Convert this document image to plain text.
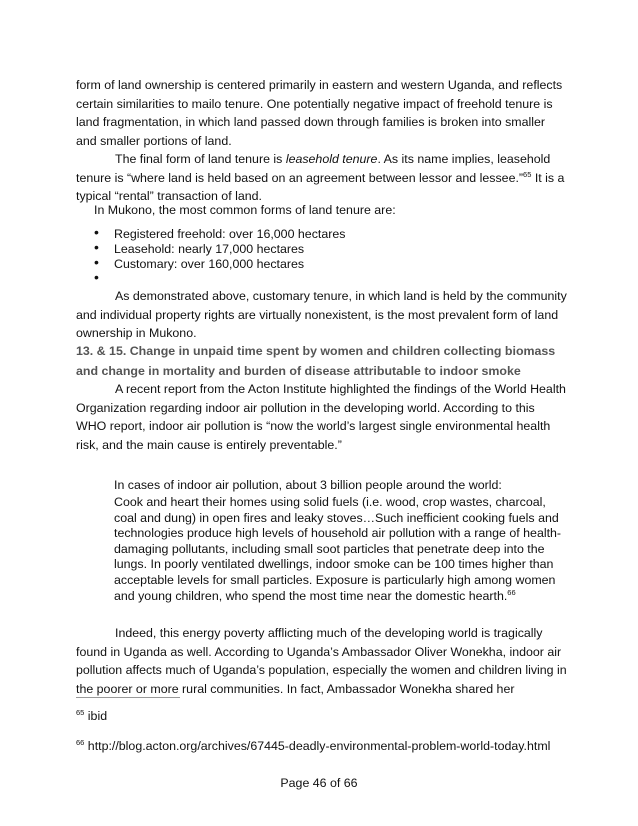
form of land ownership is centered primarily in eastern and western Uganda, and reflects certain similarities to mailo tenure. One potentially negative impact of freehold tenure is land fragmentation, in which land passed down through families is broken into smaller and smaller portions of land.

The final form of land tenure is leasehold tenure. As its name implies, leasehold tenure is “where land is held based on an agreement between lessor and lessee.”$^{65}$ It is a typical “rental” transaction of land.

In Mukono, the most common forms of land tenure are:

• Registered freehold: over 16,000 hectares
• Leasehold: nearly 17,000 hectares
• Customary: over 160,000 hectares
•

As demonstrated above, customary tenure, in which land is held by the community and individual property rights are virtually nonexistent, is the most prevalent form of land ownership in Mukono.

13. & 15. Change in unpaid time spent by women and children collecting biomass and change in mortality and burden of disease attributable to indoor smoke

A recent report from the Acton Institute highlighted the findings of the World Health Organization regarding indoor air pollution in the developing world. According to this WHO report, indoor air pollution is “now the world’s largest single environmental health risk, and the main cause is entirely preventable.”

In cases of indoor air pollution, about 3 billion people around the world:

Cook and heart their homes using solid fuels (i.e. wood, crop wastes, charcoal, coal and dung) in open fires and leaky stoves…Such inefficient cooking fuels and technologies produce high levels of household air pollution with a range of health-damaging pollutants, including small soot particles that penetrate deep into the lungs. In poorly ventilated dwellings, indoor smoke can be 100 times higher than acceptable levels for small particles. Exposure is particularly high among women and young children, who spend the most time near the domestic hearth.$^{66}$

Indeed, this energy poverty afflicting much of the developing world is tragically found in Uganda as well. According to Uganda’s Ambassador Oliver Wonekha, indoor air pollution affects much of Uganda’s population, especially the women and children living in the poorer or more rural communities. In fact, Ambassador Wonekha shared her

$^{65}$ ibid
$^{66}$ http://blog.acton.org/archives/67445-deadly-environmental-problem-world-today.html
Page 46 of 66
